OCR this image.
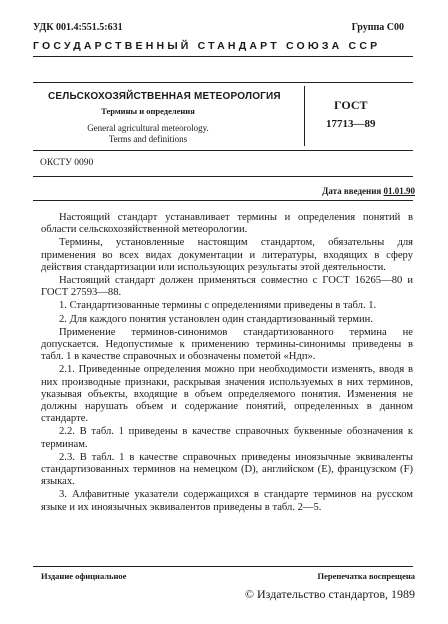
УДК 001.4:551.5:631	Группа С00
ГОСУДАРСТВЕННЫЙ СТАНДАРТ СОЮЗА ССР
СЕЛЬСКОХОЗЯЙСТВЕННАЯ МЕТЕОРОЛОГИЯ
Термины и определения
General agricultural meteorology.
Terms and definitions
ГОСТ
17713—89
ОКСТУ 0090
Дата введения 01.01.90

Настоящий стандарт устанавливает термины и определения понятий в области сельскохозяйственной метеорологии.

Термины, установленные настоящим стандартом, обязательны для применения во всех видах документации и литературы, входящих в сферу действия стандартизации или использующих результаты этой деятельности.

Настоящий стандарт должен применяться совместно с ГОСТ 16265—80 и ГОСТ 27593—88.

1. Стандартизованные термины с определениями приведены в табл. 1.

2. Для каждого понятия установлен один стандартизованный термин.

Применение терминов-синонимов стандартизованного термина не допускается. Недопустимые к применению термины-синонимы приведены в табл. 1 в качестве справочных и обозначены пометой «Ндп».

2.1. Приведенные определения можно при необходимости изменять, вводя в них производные признаки, раскрывая значения используемых в них терминов, указывая объекты, входящие в объем определяемого понятия. Изменения не должны нарушать объем и содержание понятий, определенных в данном стандарте.

2.2. В табл. 1 приведены в качестве справочных буквенные обозначения к терминам.

2.3. В табл. 1 в качестве справочных приведены иноязычные эквиваленты стандартизованных терминов на немецком (D), английском (E), французском (F) языках.

3. Алфавитные указатели содержащихся в стандарте терминов на русском языке и их иноязычных эквивалентов приведены в табл. 2—5.

Издание официальное	Перепечатка воспрещена
© Издательство стандартов, 1989
